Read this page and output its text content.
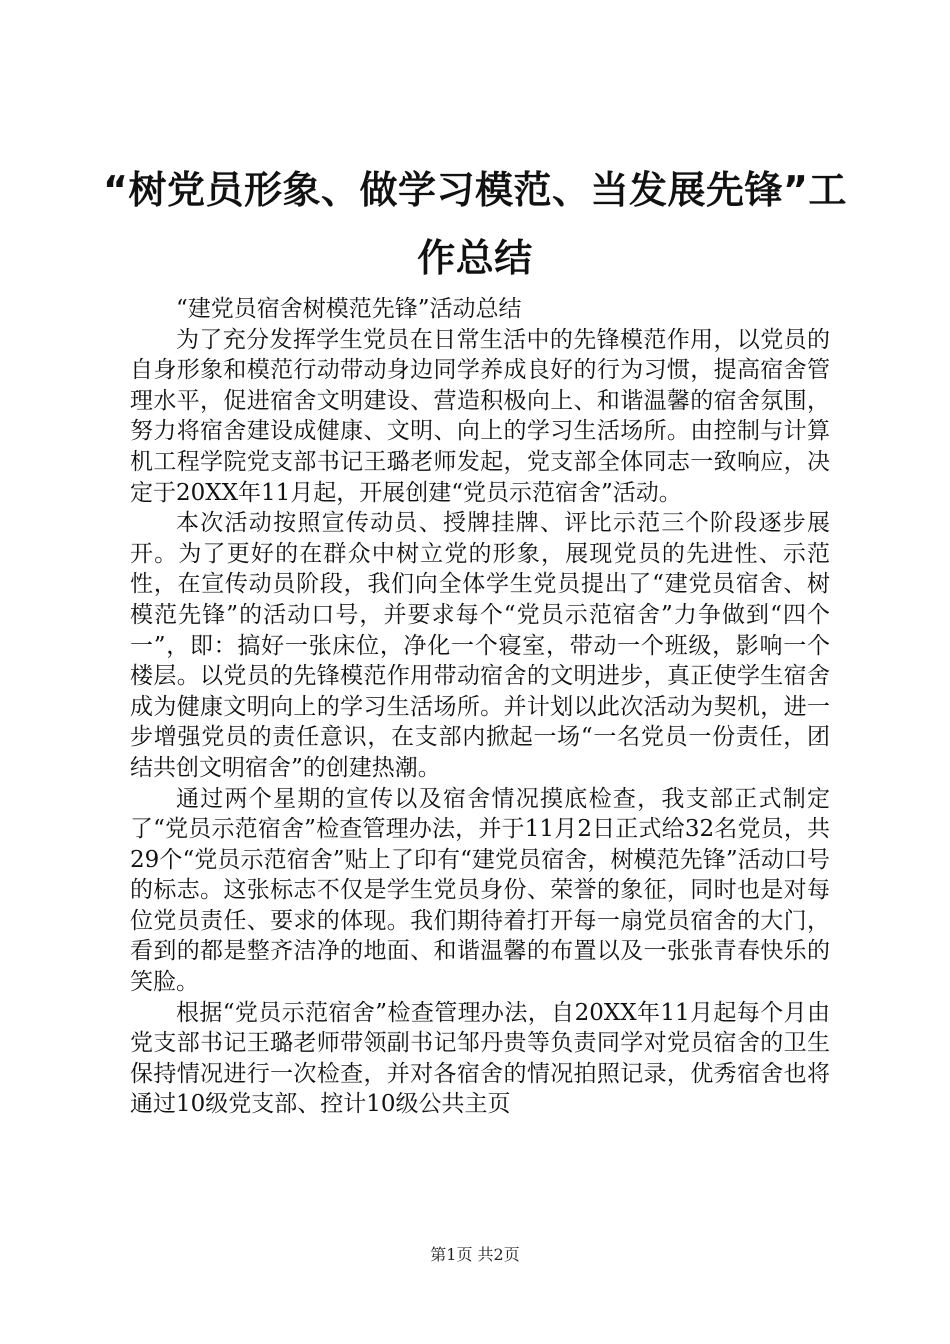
“树党员形象、做学习模范、当发展先锋”工作总结

“建党员宿舍树模范先锋”活动总结

为了充分发挥学生党员在日常生活中的先锋模范作用，以党员的自身形象和模范行动带动身边同学养成良好的行为习惯，提高宿舍管理水平，促进宿舍文明建设、营造积极向上、和谐温馨的宿舍氛围，努力将宿舍建设成健康、文明、向上的学习生活场所。由控制与计算机工程学院党支部书记王璐老师发起，党支部全体同志一致响应，决定于20XX年11月起，开展创建“党员示范宿舍”活动。

本次活动按照宣传动员、授牌挂牌、评比示范三个阶段逐步展开。为了更好的在群众中树立党的形象，展现党员的先进性、示范性，在宣传动员阶段，我们向全体学生党员提出了“建党员宿舍、树模范先锋”的活动口号，并要求每个“党员示范宿舍”力争做到“四个一”，即：搞好一张床位，净化一个寝室，带动一个班级，影响一个楼层。以党员的先锋模范作用带动宿舍的文明进步，真正使学生宿舍成为健康文明向上的学习生活场所。并计划以此次活动为契机，进一步增强党员的责任意识，在支部内掀起一场“一名党员一份责任，团结共创文明宿舍”的创建热潮。

通过两个星期的宣传以及宿舍情况摸底检查，我支部正式制定了“党员示范宿舍”检查管理办法，并于11月2日正式给32名党员，共29个“党员示范宿舍”贴上了印有“建党员宿舍，树模范先锋”活动口号的标志。这张标志不仅是学生党员身份、荣誉的象征，同时也是对每位党员责任、要求的体现。我们期待着打开每一扇党员宿舍的大门，看到的都是整齐洁净的地面、和谐温馨的布置以及一张张青春快乐的笑脸。

根据“党员示范宿舍”检查管理办法，自20XX年11月起每个月由党支部书记王璐老师带领副书记邹丹贵等负责同学对党员宿舍的卫生保持情况进行一次检查，并对各宿舍的情况拍照记录，优秀宿舍也将通过10级党支部、控计10级公共主页

第1页 共2页
